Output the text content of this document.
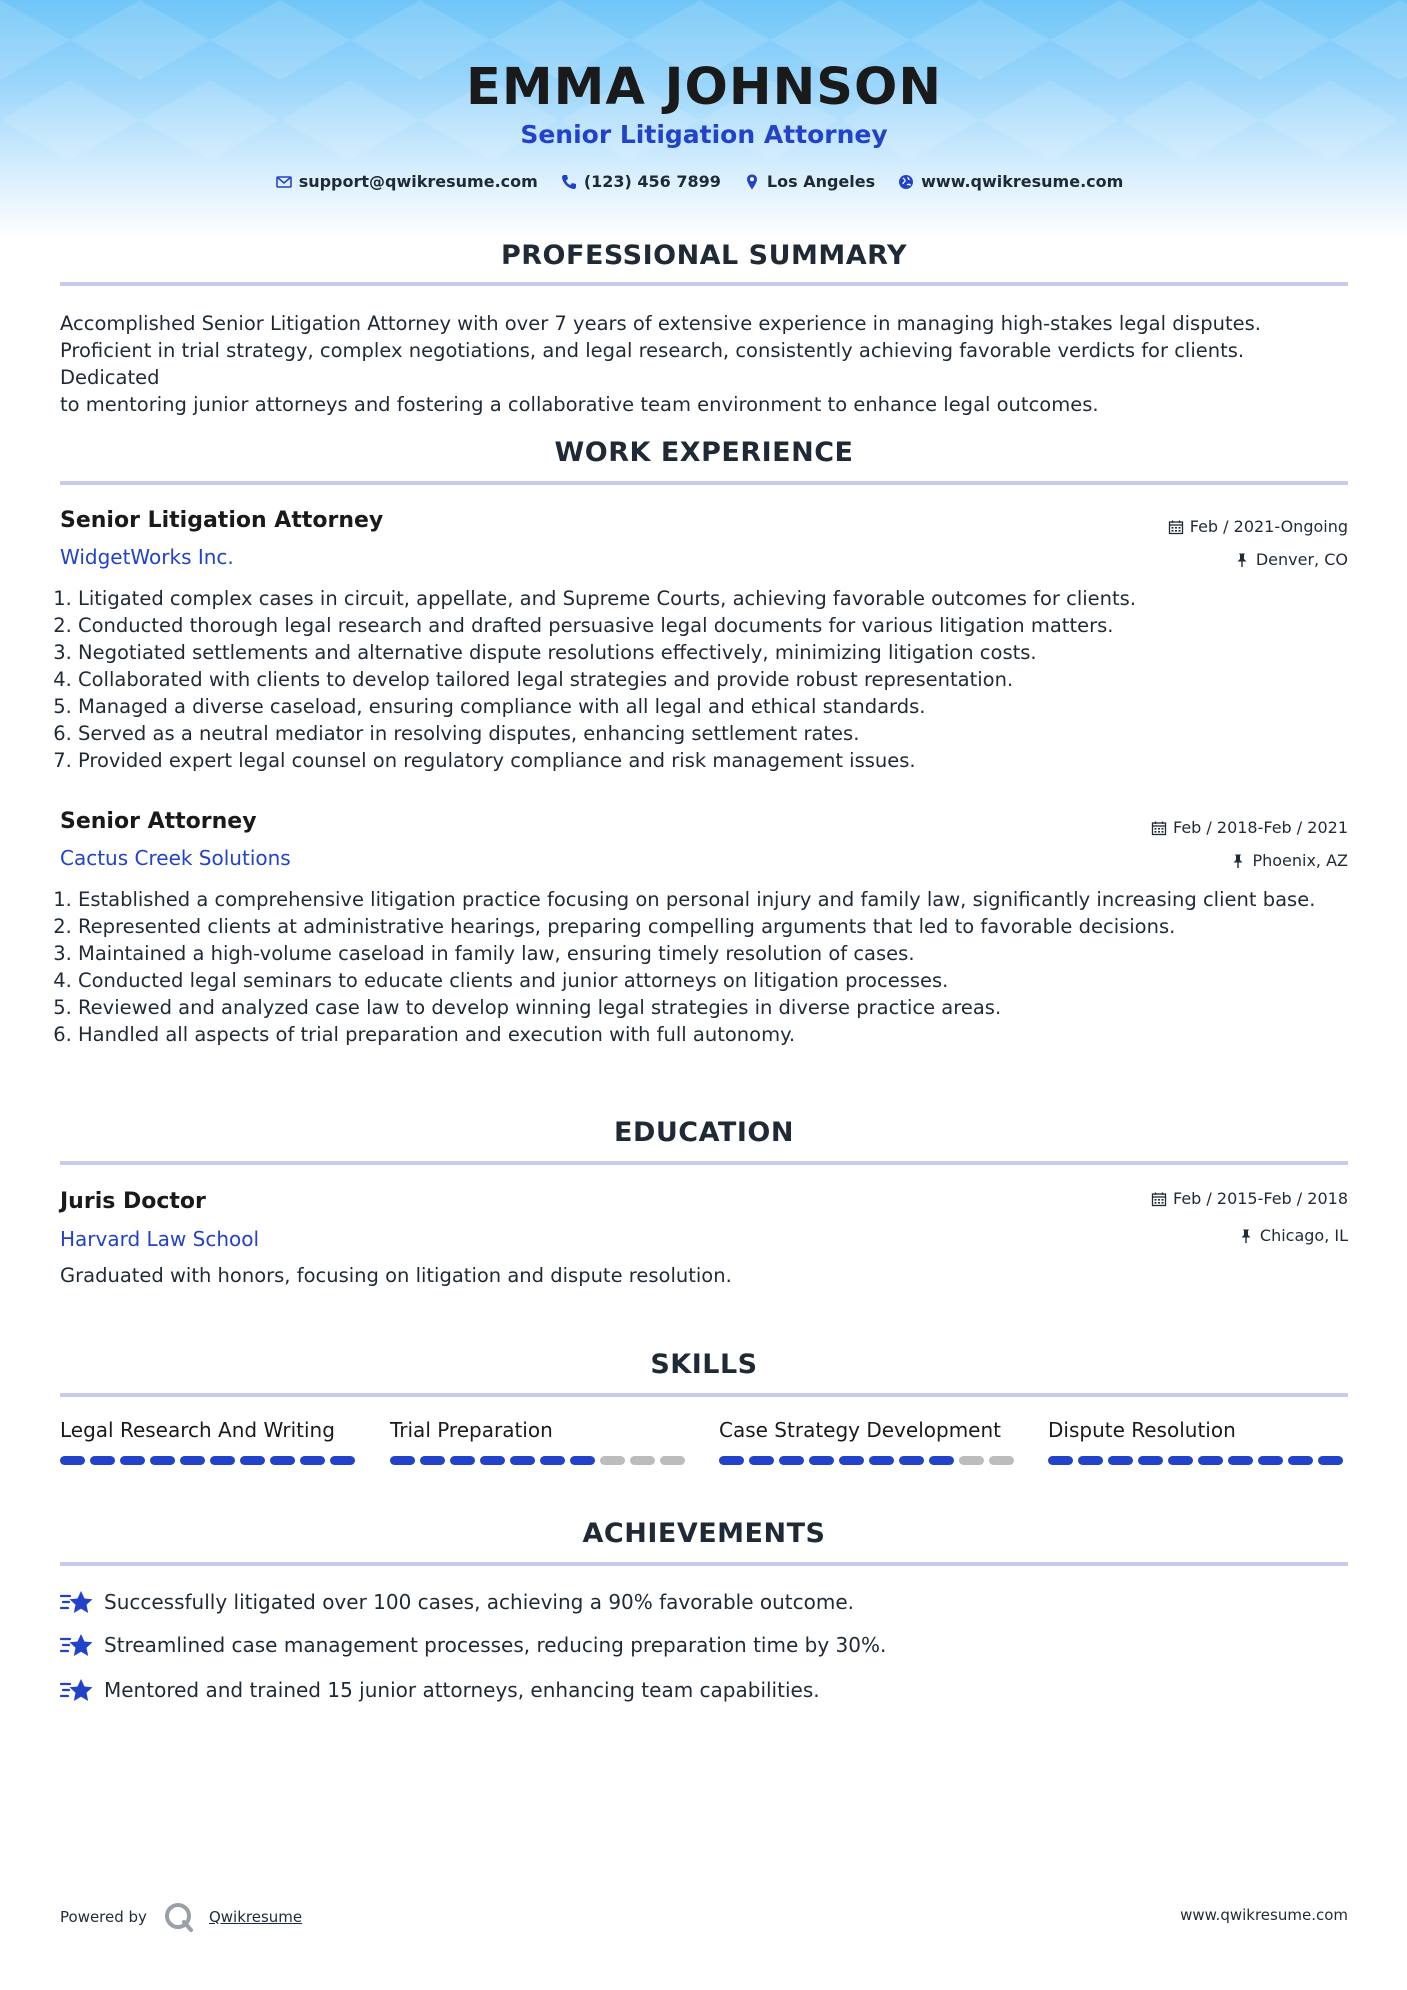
EMMA JOHNSON
Senior Litigation Attorney
support@qwikresume.com	(123) 456 7899	Los Angeles	www.qwikresume.com
PROFESSIONAL SUMMARY
Accomplished Senior Litigation Attorney with over 7 years of extensive experience in managing high-stakes legal disputes.
Proficient in trial strategy, complex negotiations, and legal research, consistently achieving favorable verdicts for clients. Dedicated
to mentoring junior attorneys and fostering a collaborative team environment to enhance legal outcomes.
WORK EXPERIENCE
Senior Litigation Attorney
WidgetWorks Inc.
Feb / 2021-Ongoing
Denver, CO
1. Litigated complex cases in circuit, appellate, and Supreme Courts, achieving favorable outcomes for clients.
2. Conducted thorough legal research and drafted persuasive legal documents for various litigation matters.
3. Negotiated settlements and alternative dispute resolutions effectively, minimizing litigation costs.
4. Collaborated with clients to develop tailored legal strategies and provide robust representation.
5. Managed a diverse caseload, ensuring compliance with all legal and ethical standards.
6. Served as a neutral mediator in resolving disputes, enhancing settlement rates.
7. Provided expert legal counsel on regulatory compliance and risk management issues.
Senior Attorney
Cactus Creek Solutions
Feb / 2018-Feb / 2021
Phoenix, AZ
1. Established a comprehensive litigation practice focusing on personal injury and family law, significantly increasing client base.
2. Represented clients at administrative hearings, preparing compelling arguments that led to favorable decisions.
3. Maintained a high-volume caseload in family law, ensuring timely resolution of cases.
4. Conducted legal seminars to educate clients and junior attorneys on litigation processes.
5. Reviewed and analyzed case law to develop winning legal strategies in diverse practice areas.
6. Handled all aspects of trial preparation and execution with full autonomy.
EDUCATION
Juris Doctor
Harvard Law School
Feb / 2015-Feb / 2018
Chicago, IL
Graduated with honors, focusing on litigation and dispute resolution.
SKILLS
Legal Research And Writing	Trial Preparation	Case Strategy Development	Dispute Resolution
ACHIEVEMENTS
Successfully litigated over 100 cases, achieving a 90% favorable outcome.
Streamlined case management processes, reducing preparation time by 30%.
Mentored and trained 15 junior attorneys, enhancing team capabilities.
Powered by	Qwikresume	www.qwikresume.com
